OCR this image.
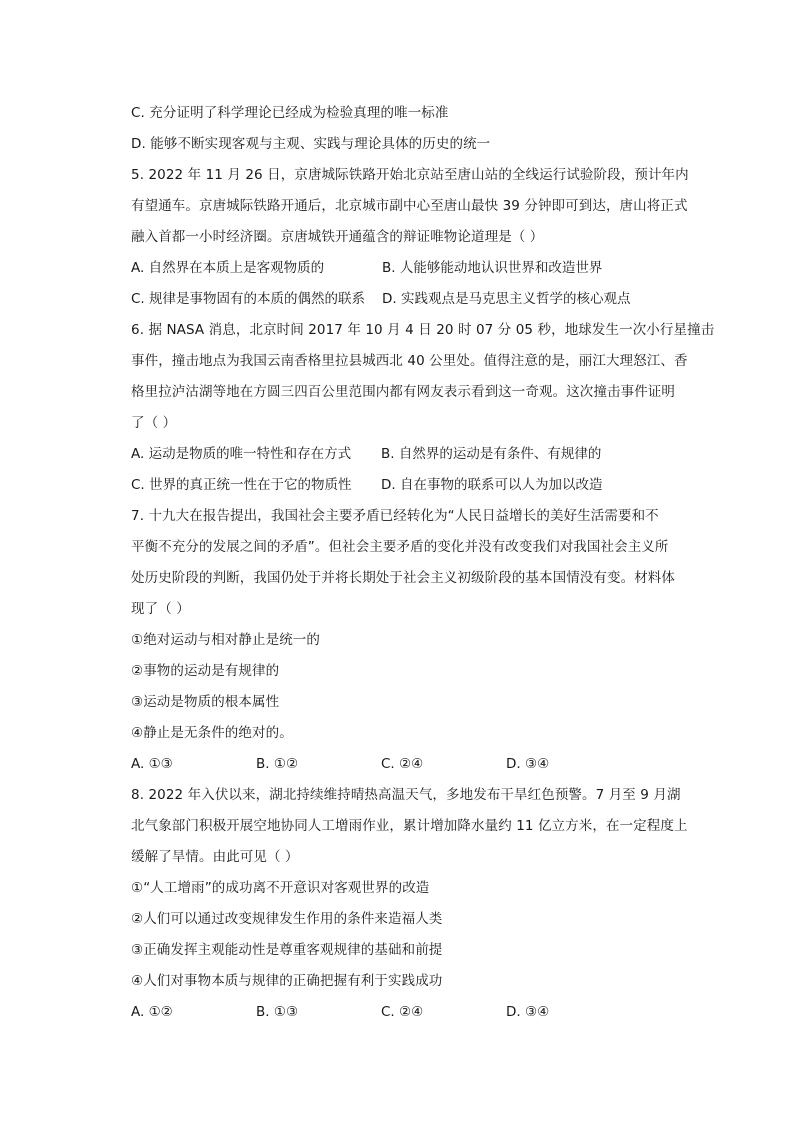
C. 充分证明了科学理论已经成为检验真理的唯一标准
D. 能够不断实现客观与主观、实践与理论具体的历史的统一
5. 2022 年 11 月 26 日，京唐城际铁路开始北京站至唐山站的全线运行试验阶段，预计年内
有望通车。京唐城际铁路开通后，北京城市副中心至唐山最快 39 分钟即可到达，唐山将正式
融入首都一小时经济圈。京唐城铁开通蕴含的辩证唯物论道理是（ ）
A. 自然界在本质上是客观物质的	B. 人能够能动地认识世界和改造世界
C. 规律是事物固有的本质的偶然的联系	D. 实践观点是马克思主义哲学的核心观点
6. 据 NASA 消息，北京时间 2017 年 10 月 4 日 20 时 07 分 05 秒，地球发生一次小行星撞击
事件，撞击地点为我国云南香格里拉县城西北 40 公里处。值得注意的是，丽江大理怒江、香
格里拉泸沽湖等地在方圆三四百公里范围内都有网友表示看到这一奇观。这次撞击事件证明
了（ ）
A. 运动是物质的唯一特性和存在方式	B. 自然界的运动是有条件、有规律的
C. 世界的真正统一性在于它的物质性	D. 自在事物的联系可以人为加以改造
7. 十九大在报告提出，我国社会主要矛盾已经转化为“人民日益增长的美好生活需要和不
平衡不充分的发展之间的矛盾”。但社会主要矛盾的变化并没有改变我们对我国社会主义所
处历史阶段的判断，我国仍处于并将长期处于社会主义初级阶段的基本国情没有变。材料体
现了（ ）
①绝对运动与相对静止是统一的
②事物的运动是有规律的
③运动是物质的根本属性
④静止是无条件的绝对的。
A. ①③	B. ①②	C. ②④	D. ③④
8. 2022 年入伏以来，湖北持续维持晴热高温天气，多地发布干旱红色预警。7 月至 9 月湖
北气象部门积极开展空地协同人工增雨作业，累计增加降水量约 11 亿立方米，在一定程度上
缓解了旱情。由此可见（ ）
①“人工增雨”的成功离不开意识对客观世界的改造
②人们可以通过改变规律发生作用的条件来造福人类
③正确发挥主观能动性是尊重客观规律的基础和前提
④人们对事物本质与规律的正确把握有利于实践成功
A. ①②	B. ①③	C. ②④	D. ③④
